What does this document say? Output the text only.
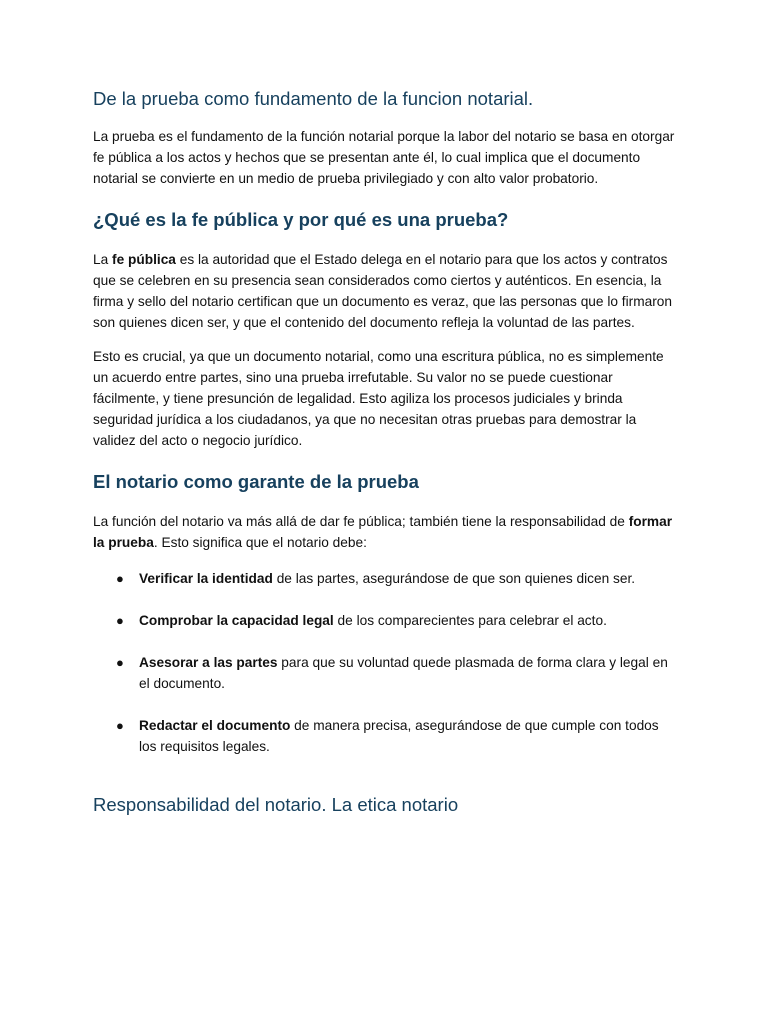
De la prueba como fundamento de la funcion notarial.

La prueba es el fundamento de la función notarial porque la labor del notario se basa en otorgar fe pública a los actos y hechos que se presentan ante él, lo cual implica que el documento notarial se convierte en un medio de prueba privilegiado y con alto valor probatorio.

¿Qué es la fe pública y por qué es una prueba?

La fe pública es la autoridad que el Estado delega en el notario para que los actos y contratos que se celebren en su presencia sean considerados como ciertos y auténticos. En esencia, la firma y sello del notario certifican que un documento es veraz, que las personas que lo firmaron son quienes dicen ser, y que el contenido del documento refleja la voluntad de las partes.

Esto es crucial, ya que un documento notarial, como una escritura pública, no es simplemente un acuerdo entre partes, sino una prueba irrefutable. Su valor no se puede cuestionar fácilmente, y tiene presunción de legalidad. Esto agiliza los procesos judiciales y brinda seguridad jurídica a los ciudadanos, ya que no necesitan otras pruebas para demostrar la validez del acto o negocio jurídico.

El notario como garante de la prueba

La función del notario va más allá de dar fe pública; también tiene la responsabilidad de formar la prueba. Esto significa que el notario debe:

● Verificar la identidad de las partes, asegurándose de que son quienes dicen ser.
● Comprobar la capacidad legal de los comparecientes para celebrar el acto.
● Asesorar a las partes para que su voluntad quede plasmada de forma clara y legal en el documento.
● Redactar el documento de manera precisa, asegurándose de que cumple con todos los requisitos legales.
Responsabilidad del notario. La etica notario
